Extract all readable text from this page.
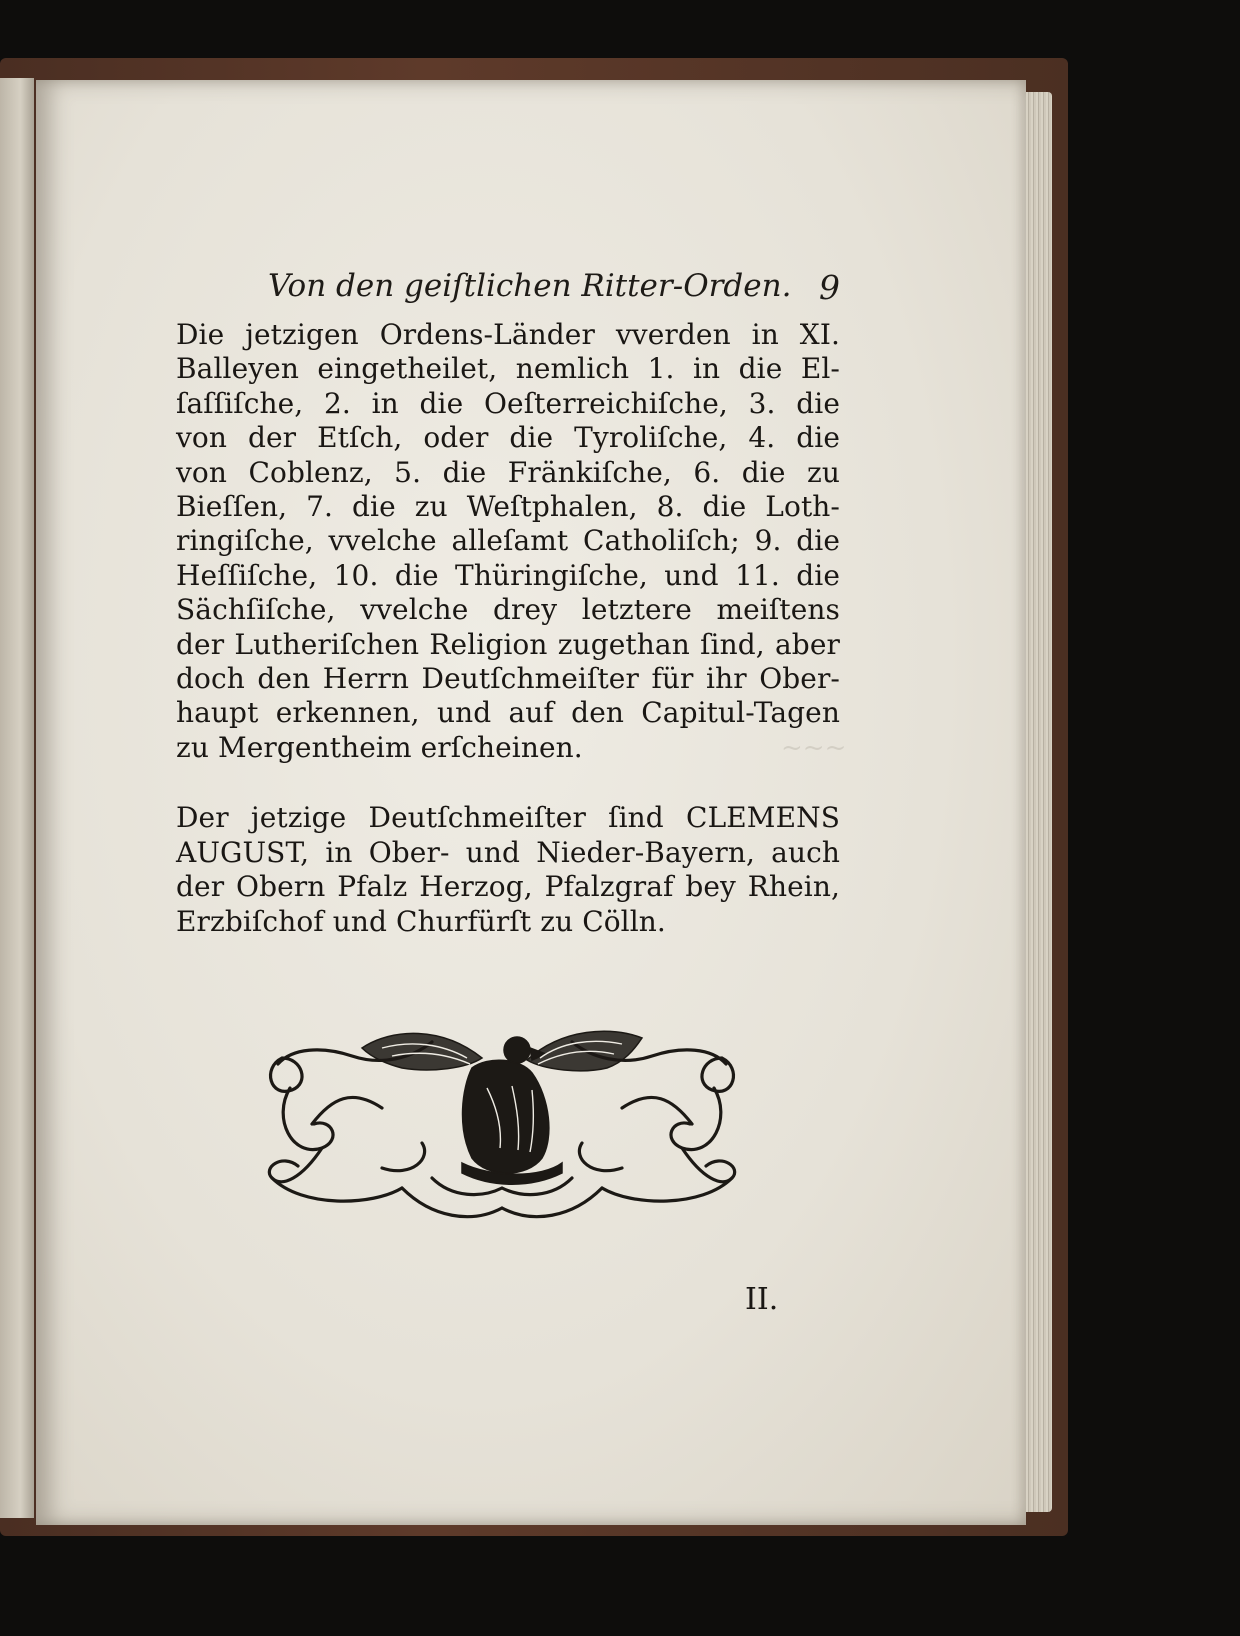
~~~
Von den geiſtlichen Ritter-Orden. 9
Die jetzigen Ordens-Länder vverden in XI.
Balleyen eingetheilet, nemlich 1. in die El-
ſaſſiſche, 2. in die Oeſterreichiſche, 3. die
von der Etſch, oder die Tyroliſche, 4. die
von Coblenz, 5. die Fränkiſche, 6. die zu
Bieſſen, 7. die zu Weſtphalen, 8. die Loth-
ringiſche, vvelche alleſamt Catholiſch; 9. die
Heſſiſche, 10. die Thüringiſche, und 11. die
Sächſiſche, vvelche drey letztere meiſtens
der Lutheriſchen Religion zugethan ſind, aber
doch den Herrn Deutſchmeiſter für ihr Ober-
haupt erkennen, und auf den Capitul-Tagen
zu Mergentheim erſcheinen.
Der jetzige Deutſchmeiſter ſind CLEMENS
AUGUST, in Ober- und Nieder-Bayern, auch
der Obern Pfalz Herzog, Pfalzgraf bey Rhein,
Erzbiſchof und Churfürſt zu Cölln.
II.
